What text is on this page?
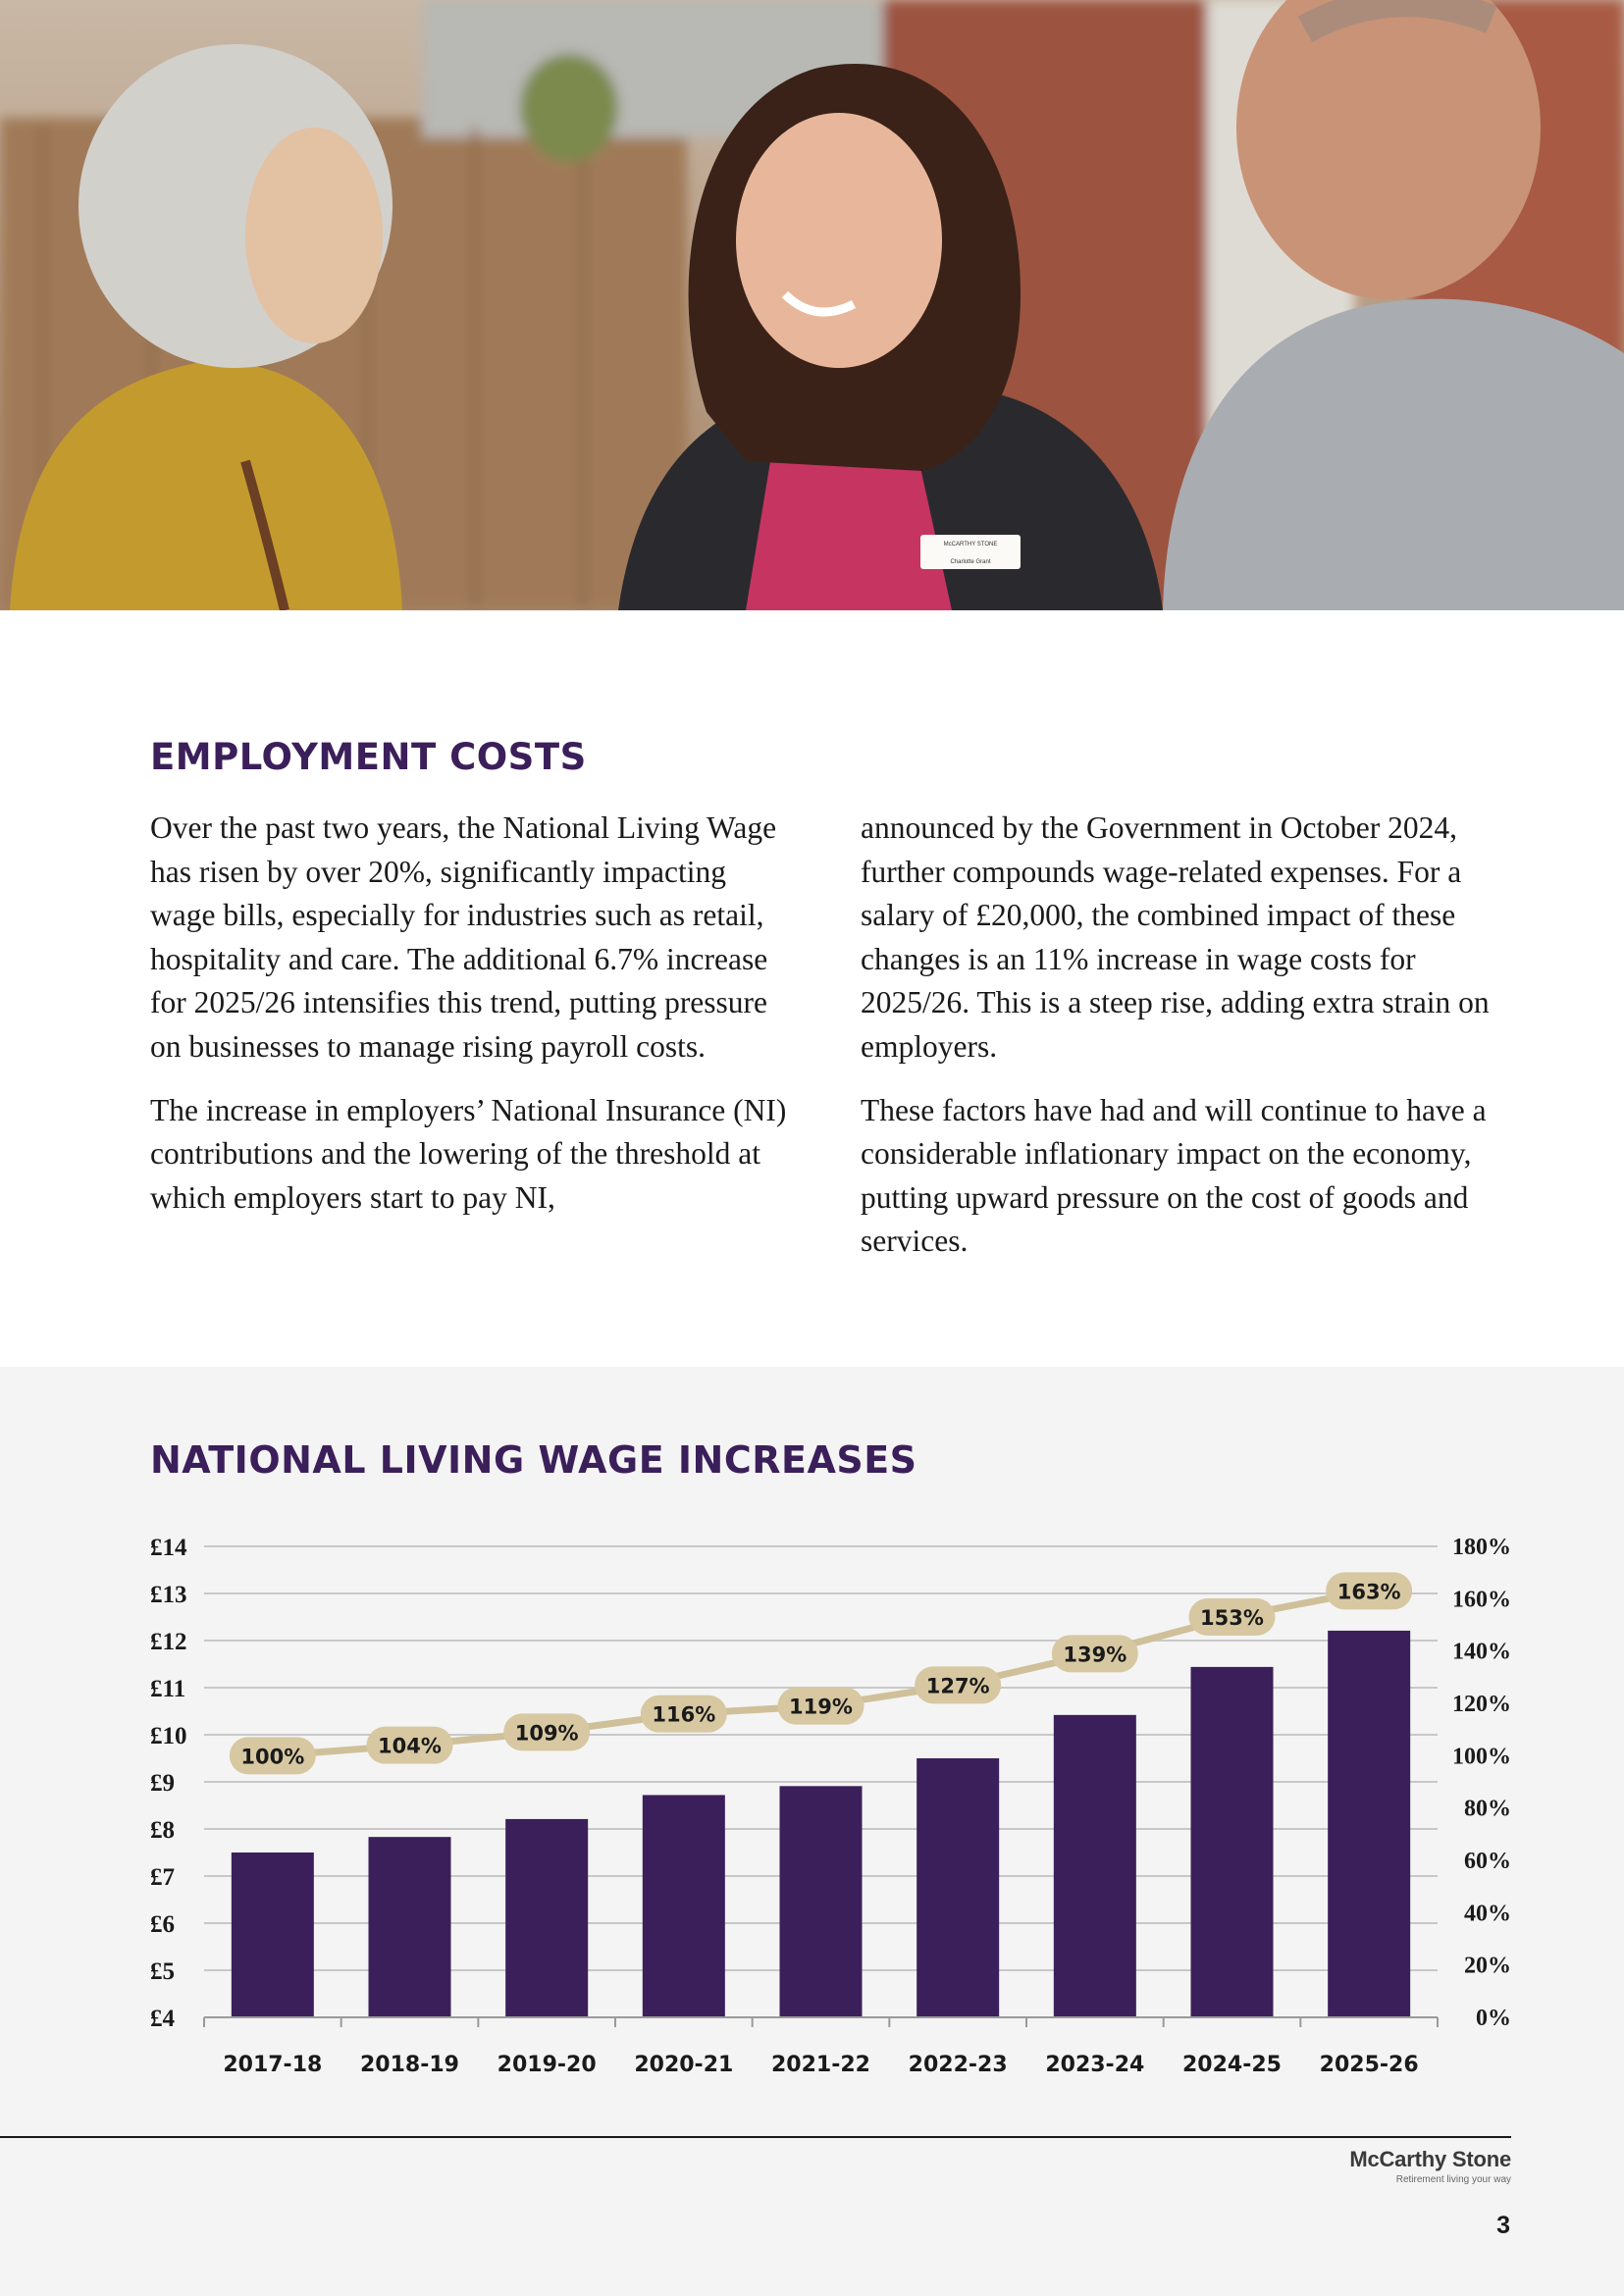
McCARTHY STONE
Charlotte Grant
EMPLOYMENT COSTS

Over the past two years, the National Living Wage has risen by over 20%, significantly impacting wage bills, especially for industries such as retail, hospitality and care. The additional 6.7% increase for 2025/26 intensifies this trend, putting pressure on businesses to manage rising payroll costs.

The increase in employers’ National Insurance (NI) contributions and the lowering of the threshold at which employers start to pay NI,

announced by the Government in October 2024, further compounds wage-related expenses. For a salary of £20,000, the combined impact of these changes is an 11% increase in wage costs for 2025/26. This is a steep rise, adding extra strain on employers.

These factors have had and will continue to have a considerable inflationary impact on the economy, putting upward pressure on the cost of goods and services.

NATIONAL LIVING WAGE INCREASES
£4
£5
£6
£7
£8
£9
£10
£11
£12
£13
£14
0%
20%
40%
60%
80%
100%
120%
140%
160%
180%
2017-18 2018-19 2019-20 2020-21 2021-22 2022-23 2023-24 2024-25 2025-26
100%	104%
109%
116%	119%
127%
139%
153%
163%
McCarthy Stone
Retirement living your way
3
